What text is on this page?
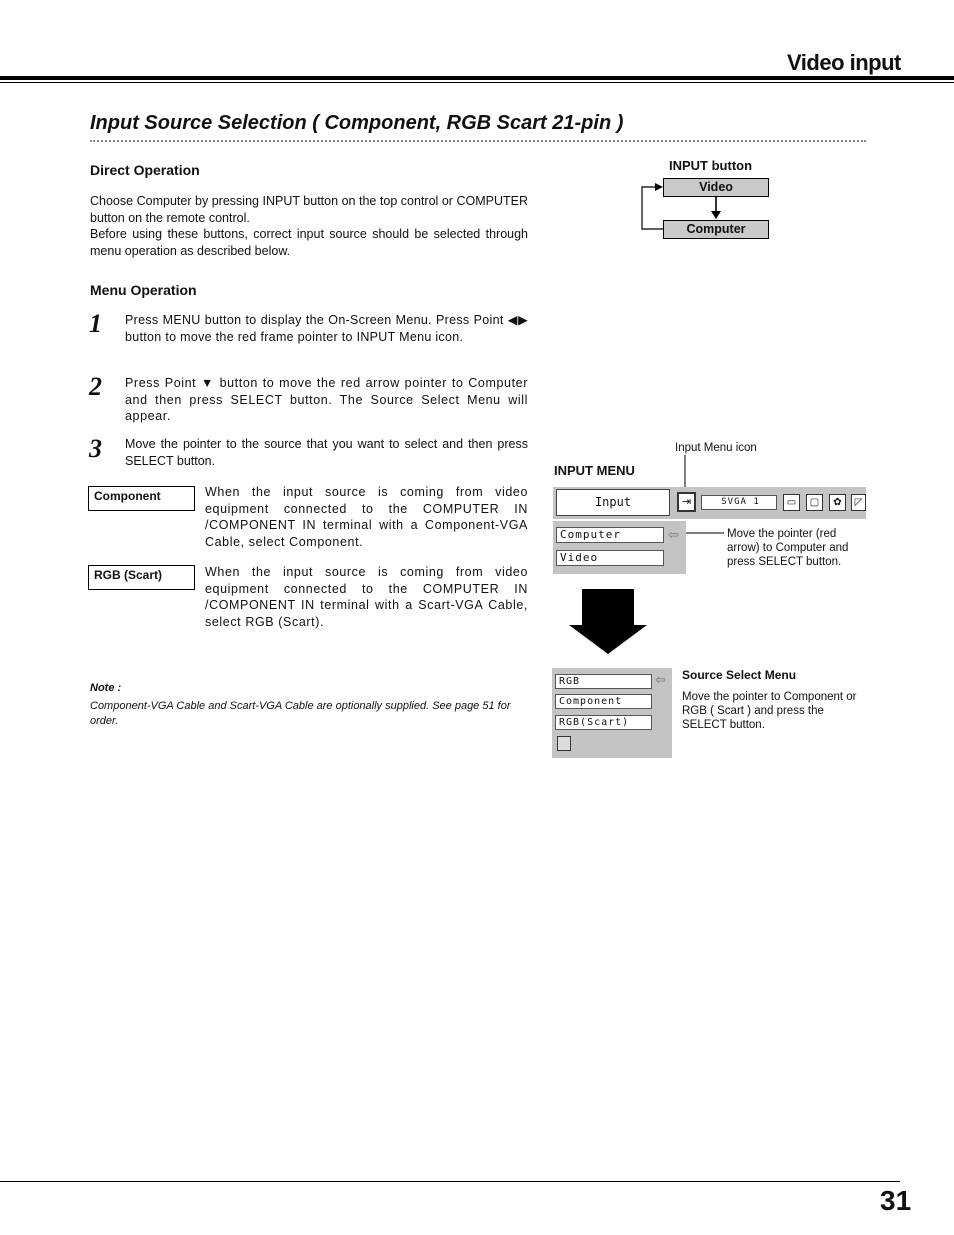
Video input
Input Source Selection ( Component, RGB Scart 21-pin )
Direct Operation
Choose Computer by pressing INPUT button on the top control or COMPUTER button on the remote control.
Before using these buttons, correct input source should be selected through menu operation as described below.
Menu Operation
1 Press MENU button to display the On-Screen Menu. Press Point ◀▶ button to move the red frame pointer to INPUT Menu icon.
2 Press Point ▼ button to move the red arrow pointer to Computer and then press SELECT button. The Source Select Menu will appear.
3 Move the pointer to the source that you want to select and then press SELECT button.
Component	When the input source is coming from video equipment connected to the COMPUTER IN /COMPONENT IN terminal with a Component-VGA Cable, select Component.
RGB (Scart)	When the input source is coming from video equipment connected to the COMPUTER IN /COMPONENT IN terminal with a Scart-VGA Cable, select RGB (Scart).
Note :
Component-VGA Cable and Scart-VGA Cable are optionally supplied. See page 51 for order.
INPUT button
Video
Computer
Input Menu icon
INPUT MENU
Input	⇥	SVGA 1	▭	▢	✿	◸
Computer
Video
⇦	Move the pointer (red arrow) to Computer and press SELECT button.
RGB
Component
RGB(Scart)
⇦ Source Select Menu
Move the pointer to Component or RGB ( Scart ) and press the SELECT button.
31
